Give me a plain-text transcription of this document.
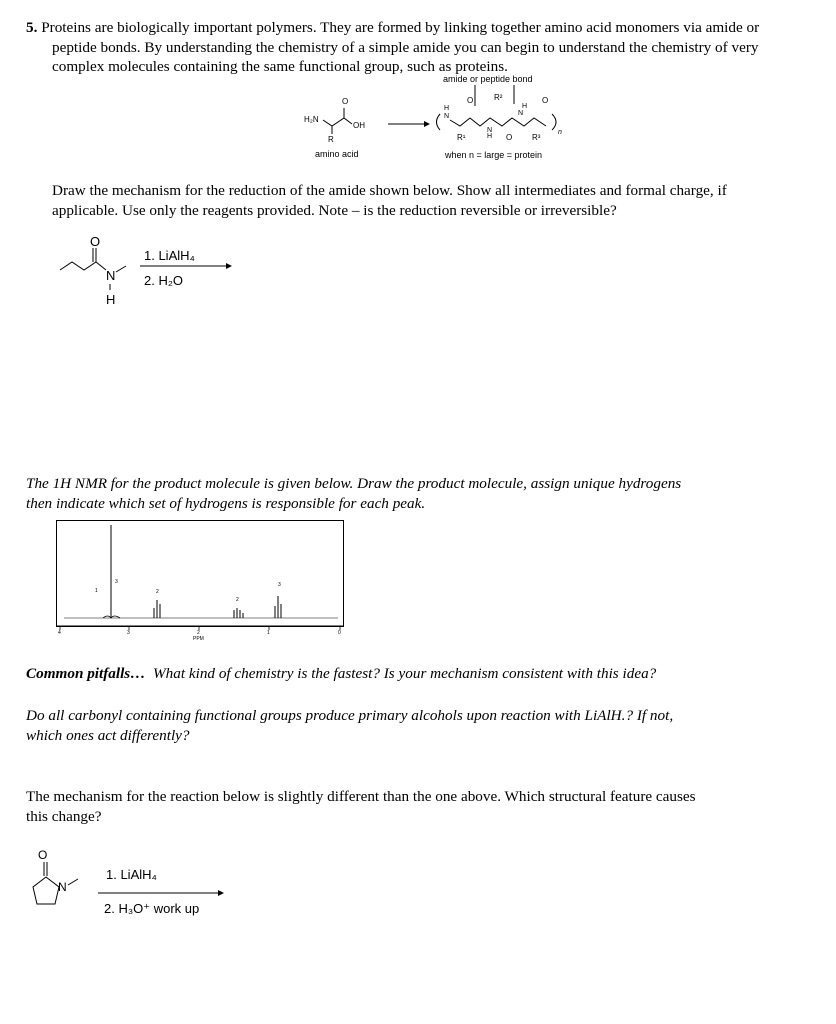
5. Proteins are biologically important polymers. They are formed by linking together amino acid monomers via amide or
peptide bonds. By understanding the chemistry of a simple amide you can begin to understand the chemistry of very
complex molecules containing the same functional group, such as proteins.
amide or peptide bond
H₂N
O
OH
R
amino acid
N
H
O	R²
R¹
N
H O
N
H
R³
O
n
when n = large = protein
Draw the mechanism for the reduction of the amide shown below. Show all intermediates and formal charge, if
applicable. Use only the reagents provided. Note – is the reduction reversible or irreversible?
O
N
H
1. LiAlH₄
2. H₂O
The 1H NMR for the product molecule is given below. Draw the product molecule, assign unique hydrogens
then indicate which set of hydrogens is responsible for each peak.
1
3
2
2
3
4	3	2	1	0
PPM
Common pitfalls… What kind of chemistry is the fastest? Is your mechanism consistent with this idea?
Do all carbonyl containing functional groups produce primary alcohols upon reaction with LiAlH.? If not,
which ones act differently?
The mechanism for the reaction below is slightly different than the one above. Which structural feature causes
this change?
O
N
1. LiAlH₄
2. H₃O⁺ work up
